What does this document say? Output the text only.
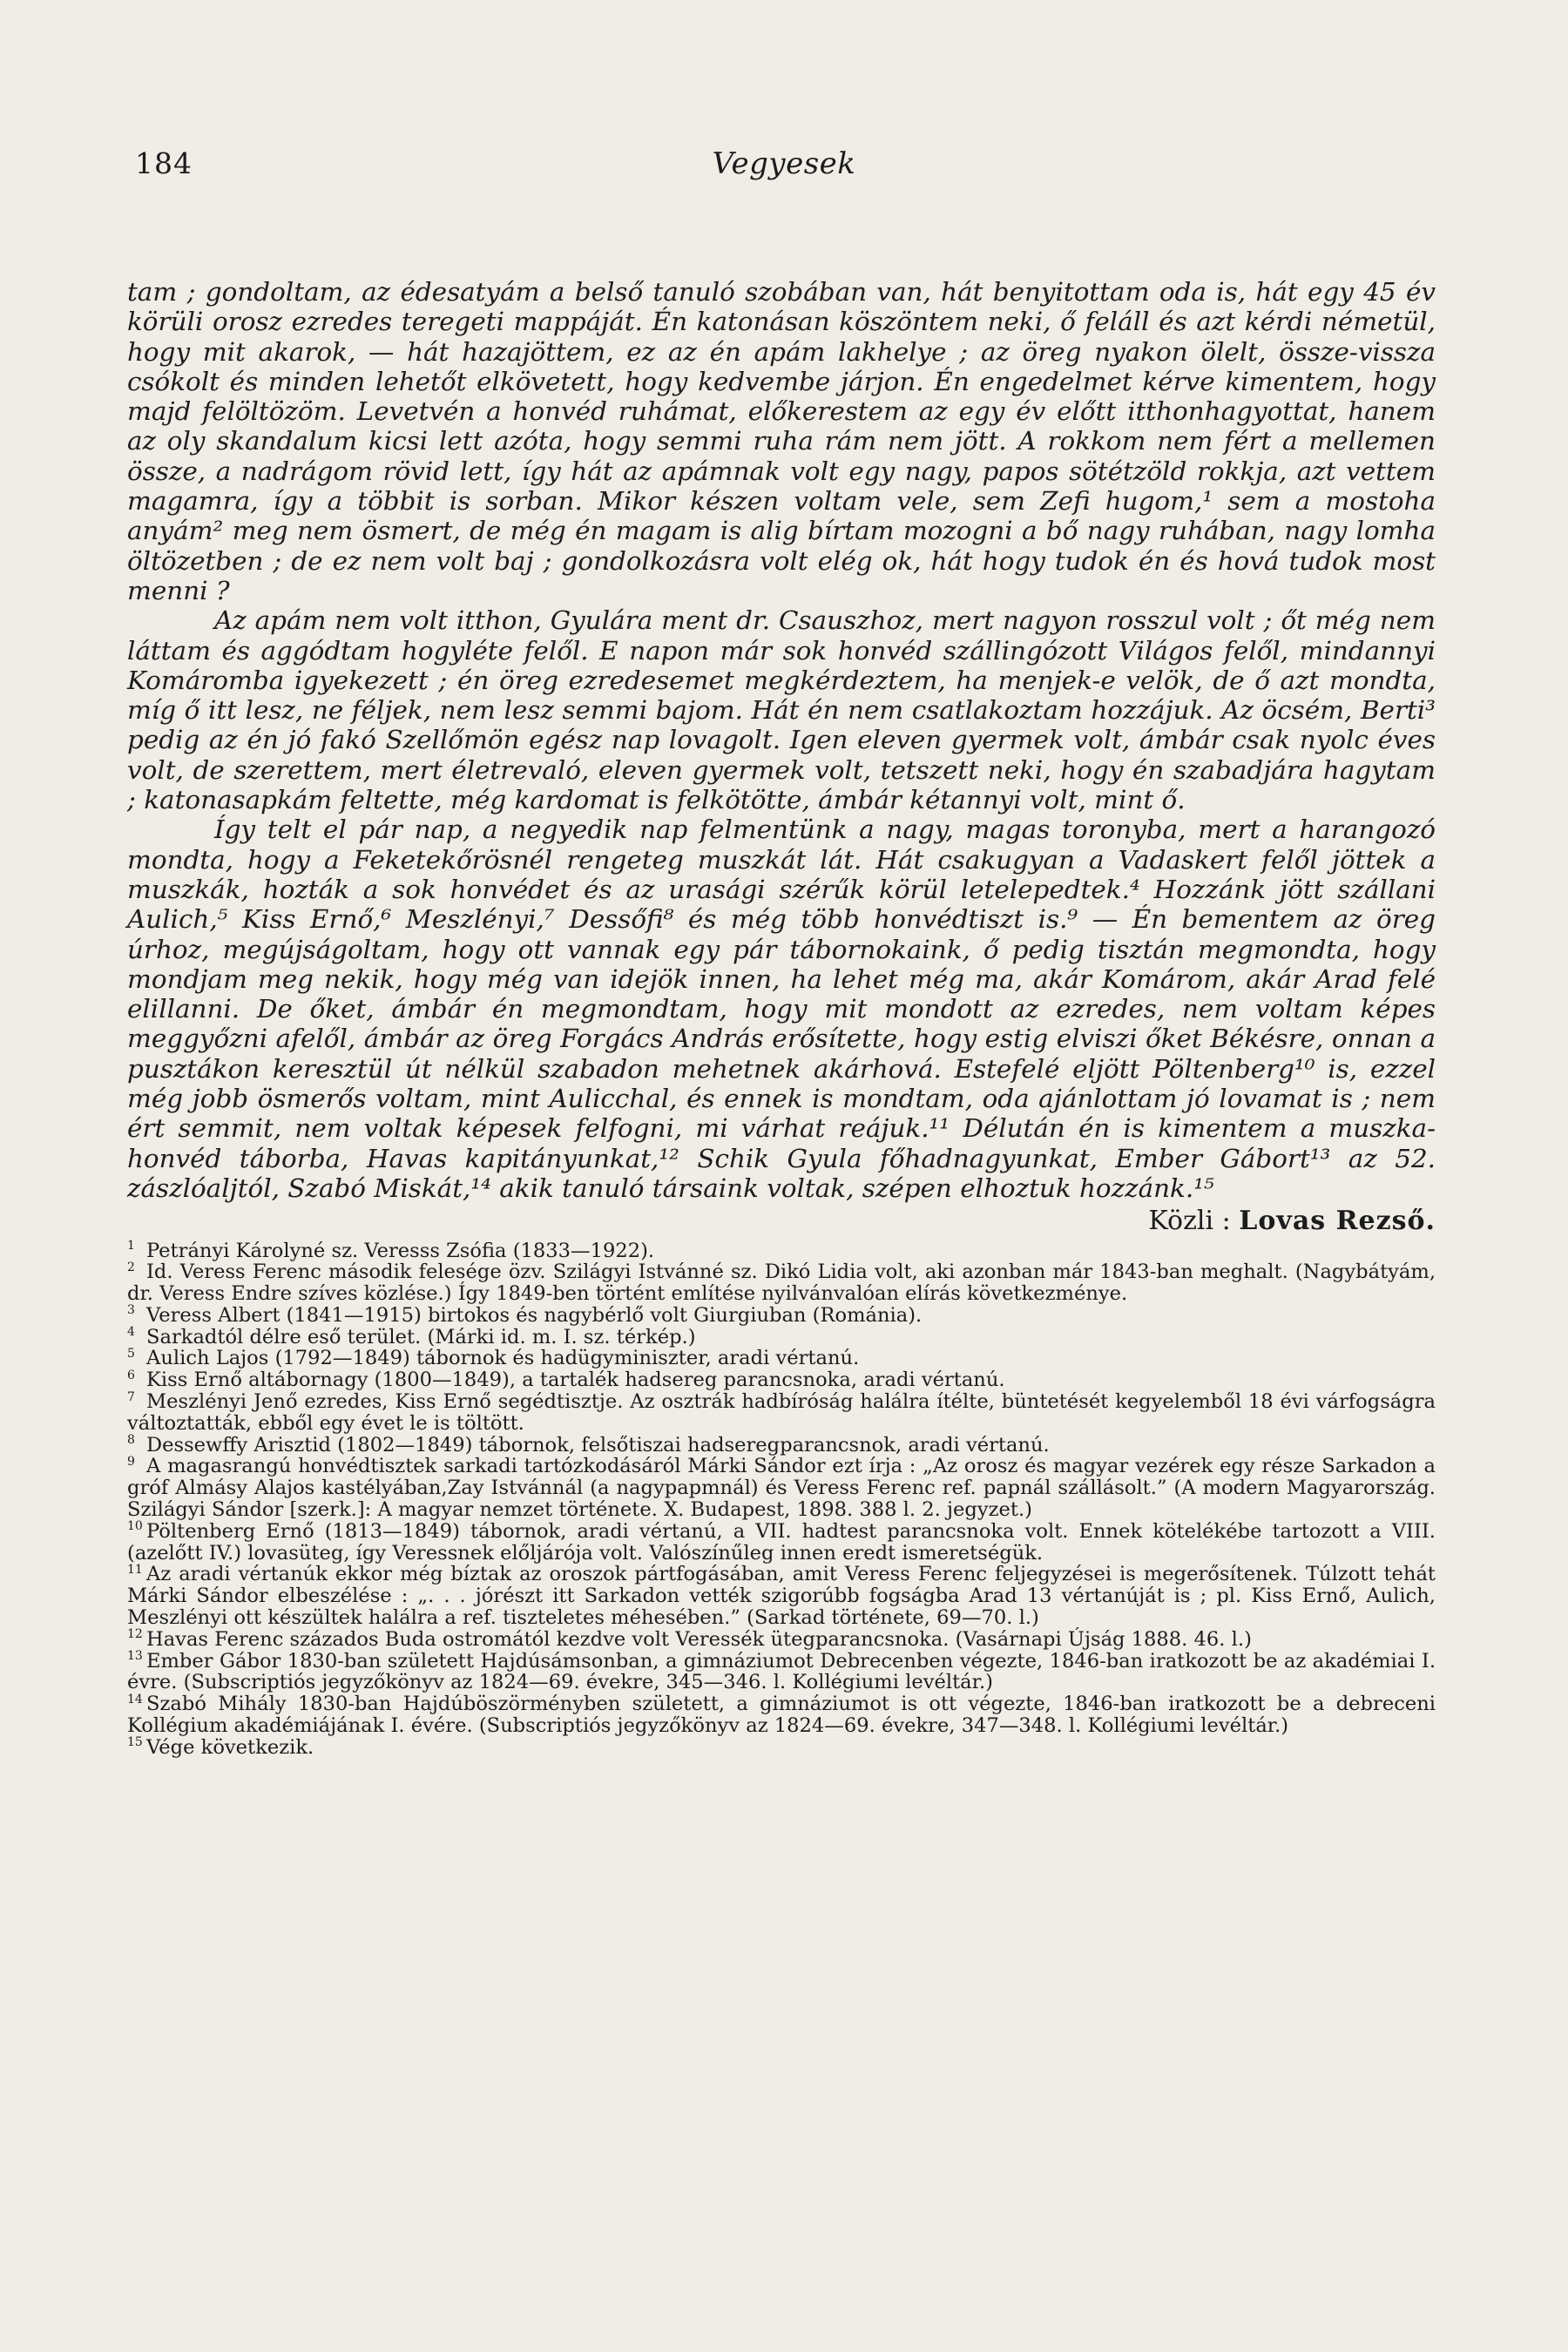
184	Vegyesek

tam ; gondoltam, az édesatyám a belső tanuló szobában van, hát benyitottam oda is, hát egy 45 év körüli orosz ezredes teregeti mappáját. Én katonásan köszöntem neki, ő feláll és azt kérdi németül, hogy mit akarok, — hát hazajöttem, ez az én apám lakhelye ; az öreg nyakon ölelt, össze-vissza csókolt és minden lehetőt elkövetett, hogy kedvembe járjon. Én engedelmet kérve kimentem, hogy majd felöltözöm. Levetvén a honvéd ruhámat, előkerestem az egy év előtt itthonhagyottat, hanem az oly skandalum kicsi lett azóta, hogy semmi ruha rám nem jött. A rokkom nem fért a mellemen össze, a nadrágom rövid lett, így hát az apámnak volt egy nagy, papos sötétzöld rokkja, azt vettem magamra, így a többit is sorban. Mikor készen voltam vele, sem Zefi hugom,¹ sem a mostoha anyám² meg nem ösmert, de még én magam is alig bírtam mozogni a bő nagy ruhában, nagy lomha öltözetben ; de ez nem volt baj ; gondolkozásra volt elég ok, hát hogy tudok én és hová tudok most menni ?

Az apám nem volt itthon, Gyulára ment dr. Csauszhoz, mert nagyon rosszul volt ; őt még nem láttam és aggódtam hogyléte felől. E napon már sok honvéd szállingózott Világos felől, mindannyi Komáromba igyekezett ; én öreg ezredesemet megkérdeztem, ha menjek-e velök, de ő azt mondta, míg ő itt lesz, ne féljek, nem lesz semmi bajom. Hát én nem csatlakoztam hozzájuk. Az öcsém, Berti³ pedig az én jó fakó Szellőmön egész nap lovagolt. Igen eleven gyermek volt, ámbár csak nyolc éves volt, de szerettem, mert életrevaló, eleven gyermek volt, tetszett neki, hogy én szabadjára hagytam ; katonasapkám feltette, még kardomat is felkötötte, ámbár kétannyi volt, mint ő.

Így telt el pár nap, a negyedik nap felmentünk a nagy, magas toronyba, mert a harangozó mondta, hogy a Feketekőrösnél rengeteg muszkát lát. Hát csakugyan a Vadaskert felől jöttek a muszkák, hozták a sok honvédet és az urasági szérűk körül letelepedtek.⁴ Hozzánk jött szállani Aulich,⁵ Kiss Ernő,⁶ Meszlényi,⁷ Dessőfi⁸ és még több honvédtiszt is.⁹ — Én bementem az öreg úrhoz, megújságoltam, hogy ott vannak egy pár tábornokaink, ő pedig tisztán megmondta, hogy mondjam meg nekik, hogy még van idejök innen, ha lehet még ma, akár Komárom, akár Arad felé elillanni. De őket, ámbár én megmondtam, hogy mit mondott az ezredes, nem voltam képes meggyőzni afelől, ámbár az öreg Forgács András erősítette, hogy estig elviszi őket Békésre, onnan a pusztákon keresztül út nélkül szabadon mehetnek akárhová. Estefelé eljött Pöltenberg¹⁰ is, ezzel még jobb ösmerős voltam, mint Aulicchal, és ennek is mondtam, oda ajánlottam jó lovamat is ; nem ért semmit, nem voltak képesek felfogni, mi várhat reájuk.¹¹ Délután én is kimentem a muszka-honvéd táborba, Havas kapitányunkat,¹² Schik Gyula főhadnagyunkat, Ember Gábort¹³ az 52. zászlóaljtól, Szabó Miskát,¹⁴ akik tanuló társaink voltak, szépen elhoztuk hozzánk.¹⁵

Közli : Lovas Rezső.

1 Petrányi Károlyné sz. Veresss Zsófia (1833—1922).

2 Id. Veress Ferenc második felesége özv. Szilágyi Istvánné sz. Dikó Lidia volt, aki azonban már 1843-ban meghalt. (Nagybátyám, dr. Veress Endre szíves közlése.) Így 1849-ben történt említése nyilvánvalóan elírás következménye.

3 Veress Albert (1841—1915) birtokos és nagybérlő volt Giurgiuban (Románia).

4 Sarkadtól délre eső terület. (Márki id. m. I. sz. térkép.)

5 Aulich Lajos (1792—1849) tábornok és hadügyminiszter, aradi vértanú.

6 Kiss Ernő altábornagy (1800—1849), a tartalék hadsereg parancsnoka, aradi vértanú.

7 Meszlényi Jenő ezredes, Kiss Ernő segédtisztje. Az osztrák hadbíróság halálra ítélte, büntetését kegyelemből 18 évi várfogságra változtatták, ebből egy évet le is töltött.

8 Dessewffy Arisztid (1802—1849) tábornok, felsőtiszai hadseregparancsnok, aradi vértanú.

9 A magasrangú honvédtisztek sarkadi tartózkodásáról Márki Sándor ezt írja : „Az orosz és magyar vezérek egy része Sarkadon a gróf Almásy Alajos kastélyában,Zay Istvánnál (a nagypapmnál) és Veress Ferenc ref. papnál szállásolt.” (A modern Magyarország. Szilágyi Sándor [szerk.]: A magyar nemzet története. X. Budapest, 1898. 388 l. 2. jegyzet.)

10 Pöltenberg Ernő (1813—1849) tábornok, aradi vértanú, a VII. hadtest parancsnoka volt. Ennek kötelékébe tartozott a VIII. (azelőtt IV.) lovasüteg, így Veressnek előljárója volt. Valószínűleg innen eredt ismeretségük.

11 Az aradi vértanúk ekkor még bíztak az oroszok pártfogásában, amit Veress Ferenc feljegyzései is megerősítenek. Túlzott tehát Márki Sándor elbeszélése : „. . . jórészt itt Sarkadon vették szigorúbb fogságba Arad 13 vértanúját is ; pl. Kiss Ernő, Aulich, Meszlényi ott készültek halálra a ref. tiszteletes méhesében.” (Sarkad története, 69—70. l.)

12 Havas Ferenc százados Buda ostromától kezdve volt Veressék ütegparancsnoka. (Vasárnapi Újság 1888. 46. l.)

13 Ember Gábor 1830-ban született Hajdúsámsonban, a gimnáziumot Debrecenben végezte, 1846-ban iratkozott be az akadémiai I. évre. (Subscriptiós jegyzőkönyv az 1824—69. évekre, 345—346. l. Kollégiumi levéltár.)

14 Szabó Mihály 1830-ban Hajdúböszörményben született, a gimnáziumot is ott végezte, 1846-ban iratkozott be a debreceni Kollégium akadémiájának I. évére. (Subscriptiós jegyzőkönyv az 1824—69. évekre, 347—348. l. Kollégiumi levéltár.)

15 Vége következik.
